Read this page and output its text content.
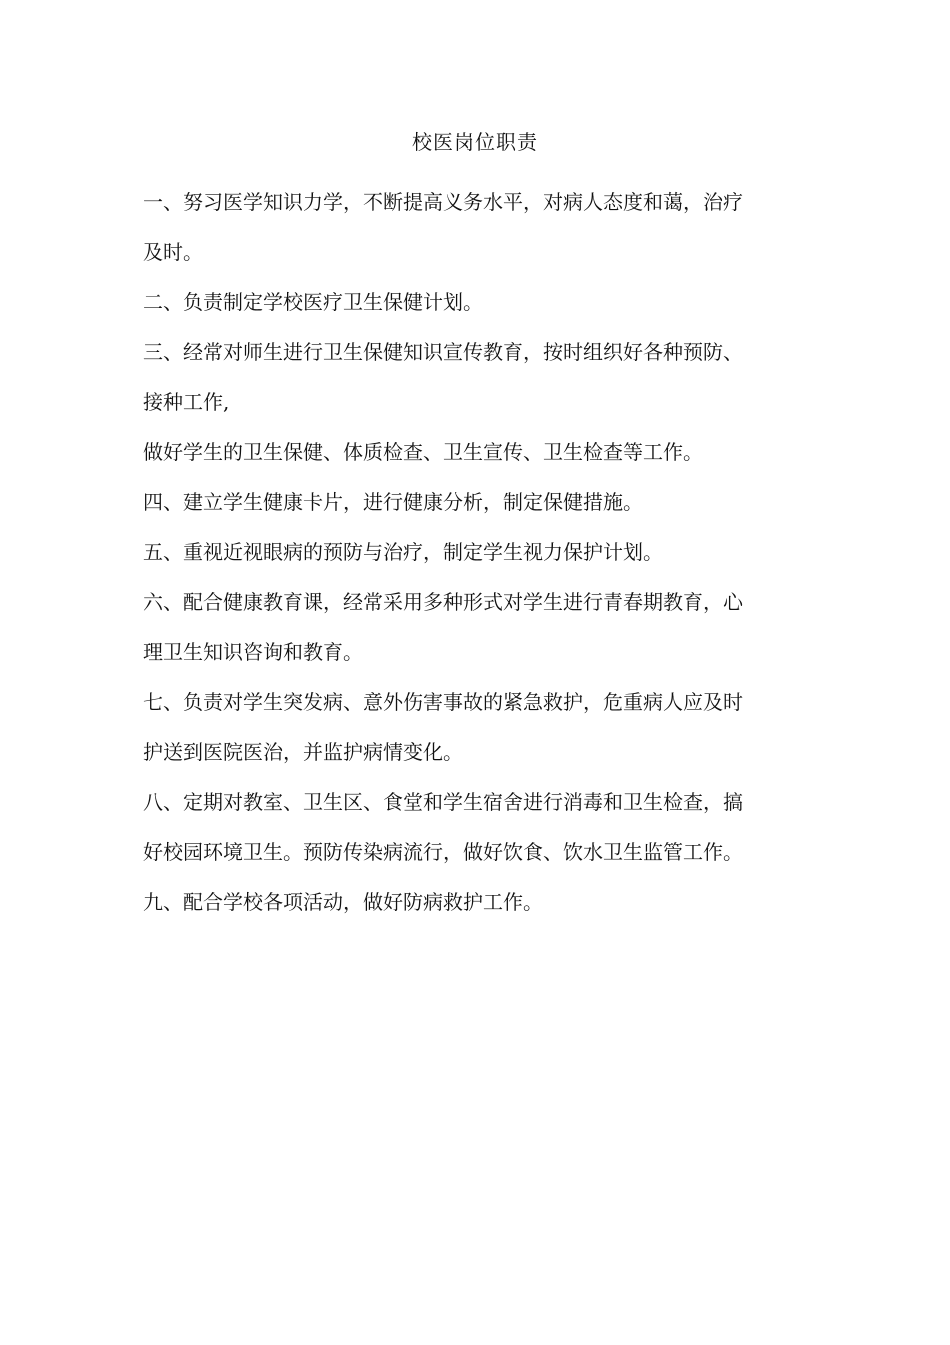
校医岗位职责
一、努习医学知识力学，不断提高义务水平，对病人态度和蔼，治疗
及时。
二、负责制定学校医疗卫生保健计划。
三、经常对师生进行卫生保健知识宣传教育，按时组织好各种预防、
接种工作,
做好学生的卫生保健、体质检查、卫生宣传、卫生检查等工作。
四、建立学生健康卡片，进行健康分析，制定保健措施。
五、重视近视眼病的预防与治疗，制定学生视力保护计划。
六、配合健康教育课，经常采用多种形式对学生进行青春期教育，心
理卫生知识咨询和教育。
七、负责对学生突发病、意外伤害事故的紧急救护，危重病人应及时
护送到医院医治，并监护病情变化。
八、定期对教室、卫生区、食堂和学生宿舍进行消毒和卫生检查，搞
好校园环境卫生。预防传染病流行，做好饮食、饮水卫生监管工作。
九、配合学校各项活动，做好防病救护工作。
